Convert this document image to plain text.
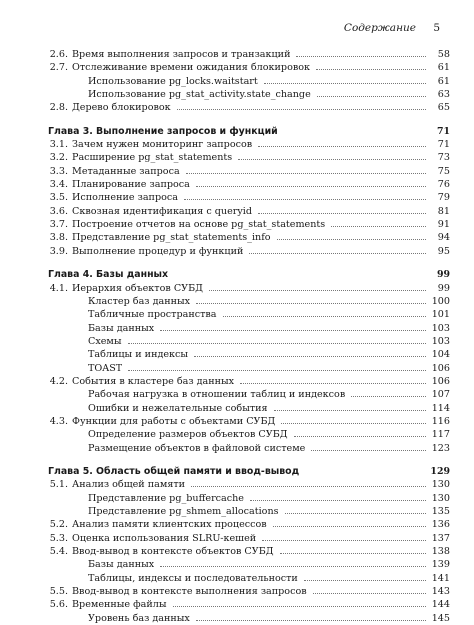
Содержание 5
2.6. Время выполнения запросов и транзакций	58
2.7. Отслеживание времени ожидания блокировок	61
Использование pg_locks.waitstart	61
Использование pg_stat_activity.state_change	63
2.8. Дерево блокировок	65
Глава 3. Выполнение запросов и функций	71
3.1. Зачем нужен мониторинг запросов	71
3.2. Расширение pg_stat_statements	73
3.3. Метаданные запроса	75
3.4. Планирование запроса	76
3.5. Исполнение запроса	79
3.6. Сквозная идентификация с queryid	81
3.7. Построение отчетов на основе pg_stat_statements	91
3.8. Представление pg_stat_statements_info	94
3.9. Выполнение процедур и функций	95
Глава 4. Базы данных	99
4.1. Иерархия объектов СУБД	99
Кластер баз данных	100
Табличные пространства	101
Базы данных	103
Схемы	103
Таблицы и индексы	104
TOAST	106
4.2. События в кластере баз данных	106
Рабочая нагрузка в отношении таблиц и индексов	107
Ошибки и нежелательные события	114
4.3. Функции для работы с объектами СУБД	116
Определение размеров объектов СУБД	117
Размещение объектов в файловой системе	123
Глава 5. Область общей памяти и ввод-вывод	129
5.1. Анализ общей памяти	130
Представление pg_buffercache	130
Представление pg_shmem_allocations	135
5.2. Анализ памяти клиентских процессов	136
5.3. Оценка использования SLRU-кешей	137
5.4. Ввод-вывод в контексте объектов СУБД	138
Базы данных	139
Таблицы, индексы и последовательности	141
5.5. Ввод-вывод в контексте выполнения запросов	143
5.6. Временные файлы	144
Уровень баз данных	145
